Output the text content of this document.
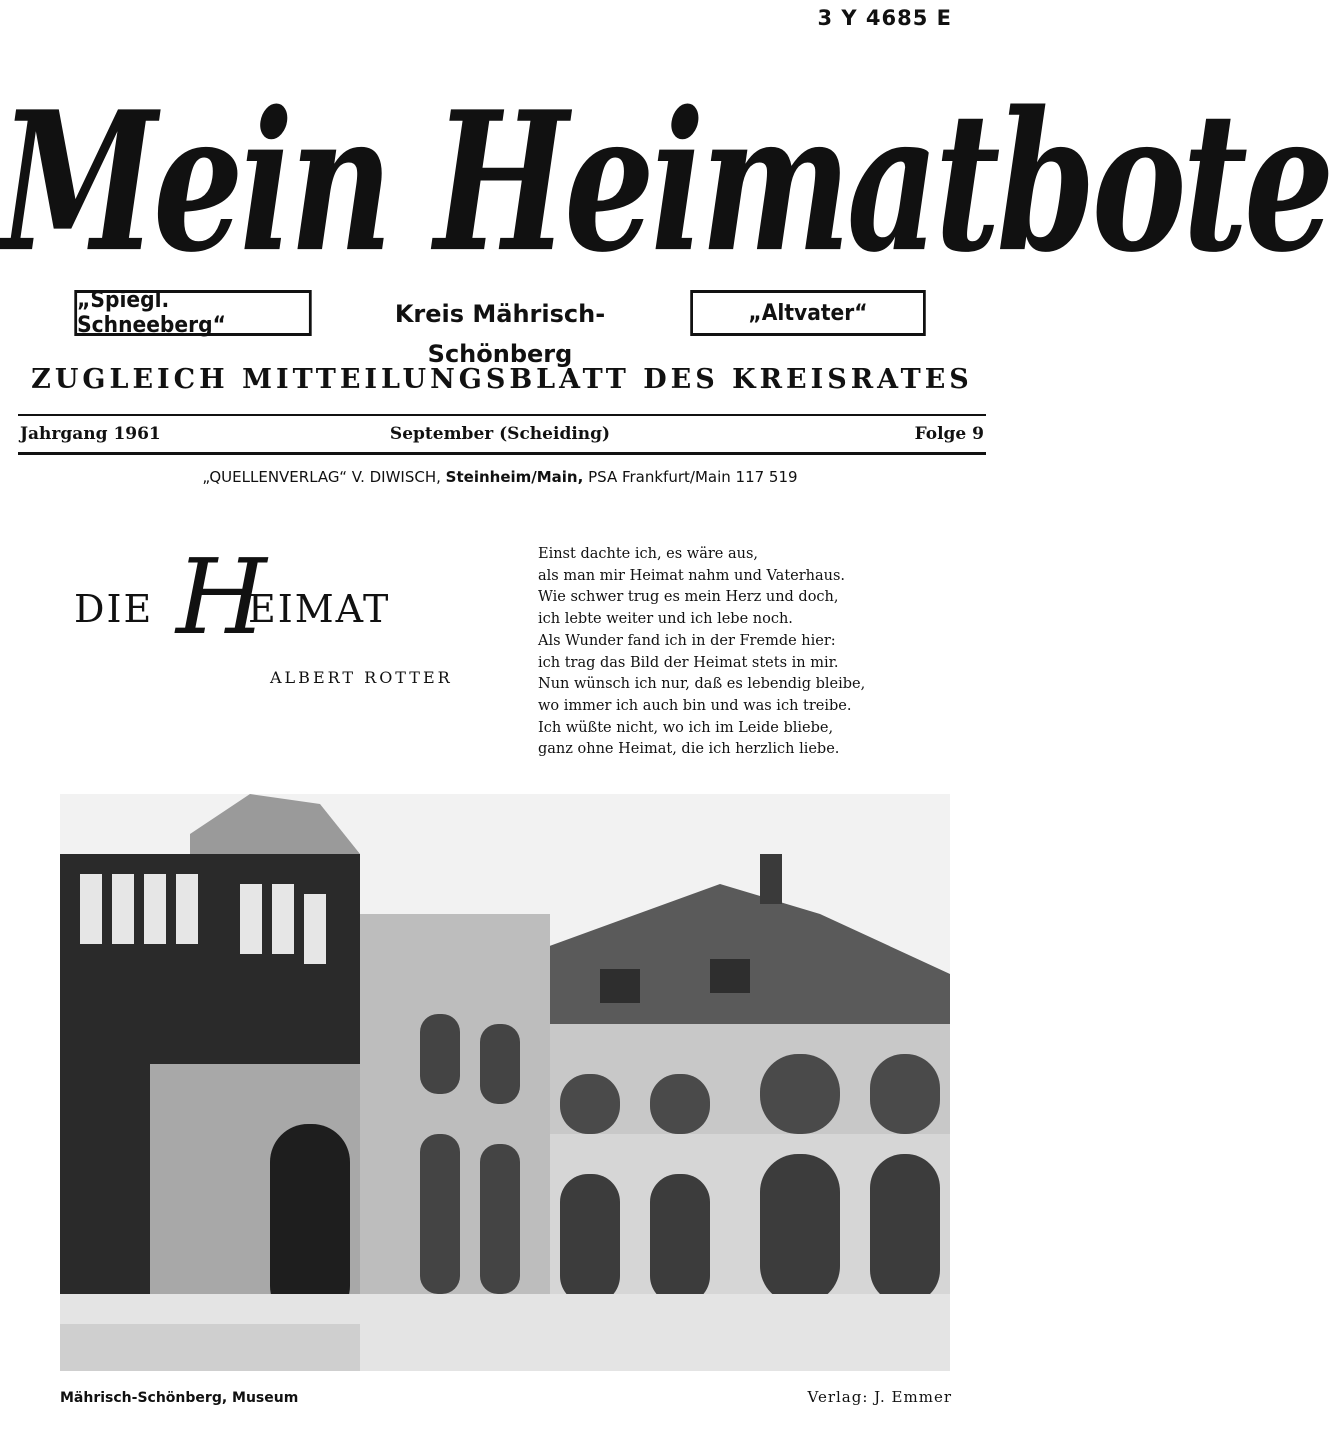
3 Y 4685 E
Mein Heimatbote
„Spiegl. Schneeberg“	Kreis Mährisch-Schönberg
„Altvater“
ZUGLEICH MITTEILUNGSBLATT DES KREISRATES
September (Scheiding)
Jahrgang 1961	Folge 9
„QUELLENVERLAG“ V. DIWISCH, Steinheim/Main, PSA Frankfurt/Main 117 519
DIE H
EIMAT
ALBERT ROTTER
Einst dachte ich, es wäre aus,
als man mir Heimat nahm und Vaterhaus.
Wie schwer trug es mein Herz und doch,
ich lebte weiter und ich lebe noch.
Als Wunder fand ich in der Fremde hier:
ich trag das Bild der Heimat stets in mir.
Nun wünsch ich nur, daß es lebendig bleibe,
wo immer ich auch bin und was ich treibe.
Ich wüßte nicht, wo ich im Leide bliebe,
ganz ohne Heimat, die ich herzlich liebe.
Mährisch-Schönberg, Museum	Verlag: J. Emmer
